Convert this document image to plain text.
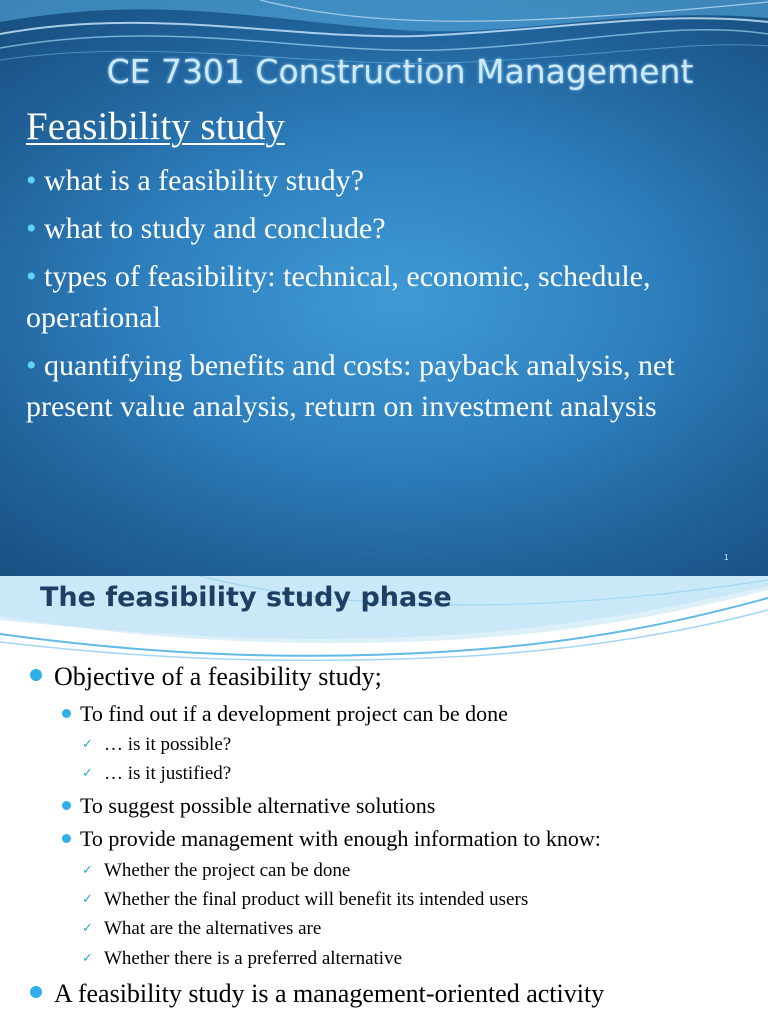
CE 7301 Construction Management
Feasibility study
• what is a feasibility study?
• what to study and conclude?
• types of feasibility: technical, economic, schedule, operational
• quantifying benefits and costs: payback analysis, net present value analysis, return on investment analysis
1
The feasibility study phase
Objective of a feasibility study;
To find out if a development project can be done
✓ … is it possible?
✓ … is it justified?
To suggest possible alternative solutions
To provide management with enough information to know:
✓ Whether the project can be done
✓ Whether the final product will benefit its intended users
✓ What are the alternatives are
✓ Whether there is a preferred alternative
A feasibility study is a management-oriented activity
